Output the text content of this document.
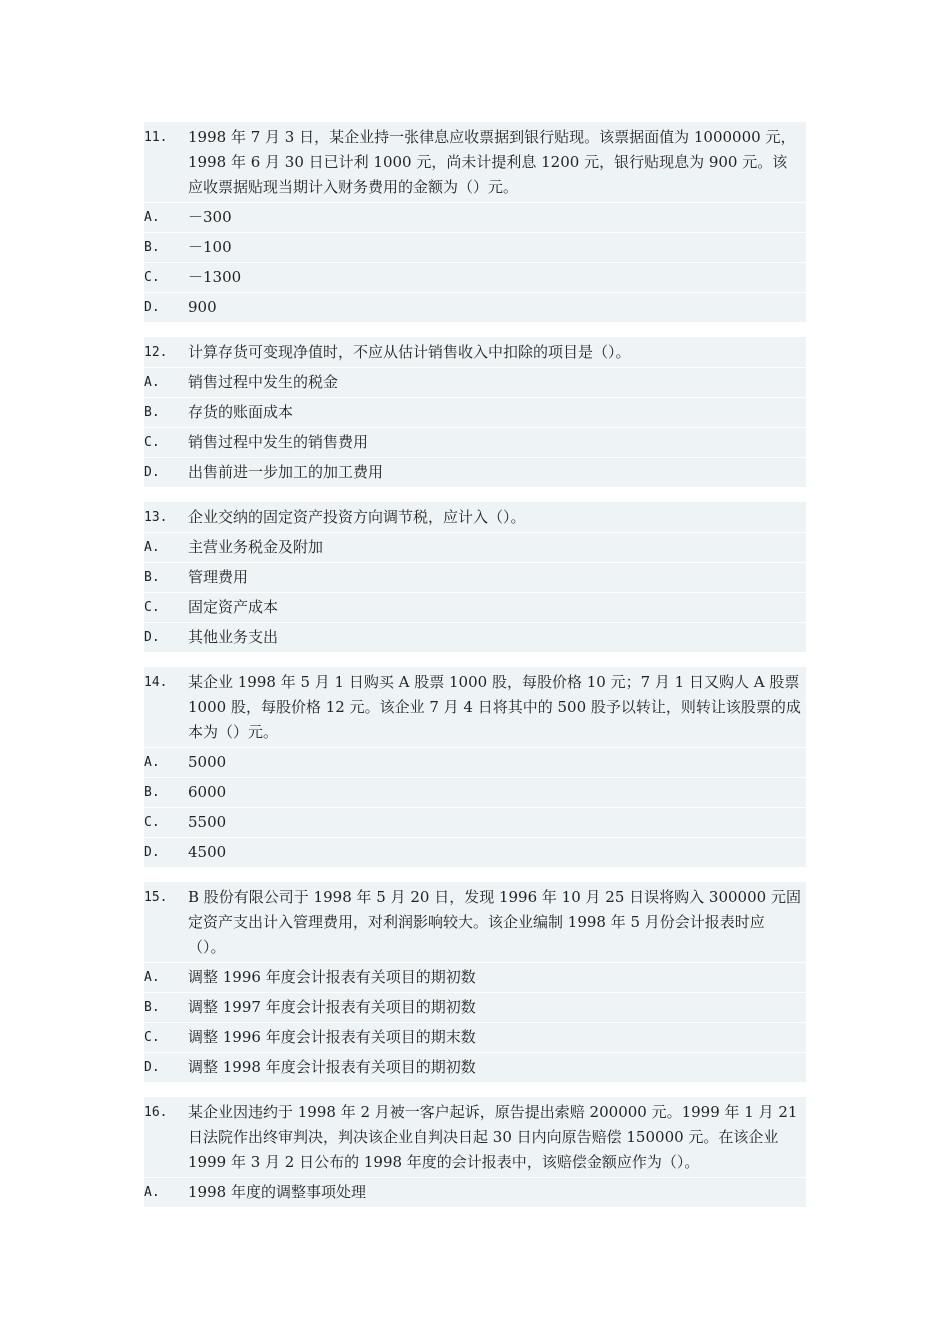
11.	1998 年 7 月 3 日，某企业持一张律息应收票据到银行贴现。该票据面值为 1000000 元，1998 年 6 月 30 日已计利 1000 元，尚未计提利息 1200 元，银行贴现息为 900 元。该应收票据贴现当期计入财务费用的金额为（）元。
A.	－300
B.	－100
C.	－1300
D.	900
12.	计算存货可变现净值时，不应从估计销售收入中扣除的项目是（）。
A.	销售过程中发生的税金
B.	存货的账面成本
C.	销售过程中发生的销售费用
D.	出售前进一步加工的加工费用
13.	企业交纳的固定资产投资方向调节税，应计入（）。
A.	主营业务税金及附加
B.	管理费用
C.	固定资产成本
D.	其他业务支出
14.	某企业 1998 年 5 月 1 日购买 A 股票 1000 股，每股价格 10 元；7 月 1 日又购人 A 股票 1000 股，每股价格 12 元。该企业 7 月 4 日将其中的 500 股予以转让，则转让该股票的成本为（）元。
A.	5000
B.	6000
C.	5500
D.	4500
15.	B 股份有限公司于 1998 年 5 月 20 日，发现 1996 年 10 月 25 日误将购入 300000 元固定资产支出计入管理费用，对利润影响较大。该企业编制 1998 年 5 月份会计报表时应（）。
A.	调整 1996 年度会计报表有关项目的期初数
B.	调整 1997 年度会计报表有关项目的期初数
C.	调整 1996 年度会计报表有关项目的期末数
D.	调整 1998 年度会计报表有关项目的期初数
16.	某企业因违约于 1998 年 2 月被一客户起诉，原告提出索赔 200000 元。1999 年 1 月 21 日法院作出终审判决，判决该企业自判决日起 30 日内向原告赔偿 150000 元。在该企业 1999 年 3 月 2 日公布的 1998 年度的会计报表中，该赔偿金额应作为（）。
A.	1998 年度的调整事项处理
